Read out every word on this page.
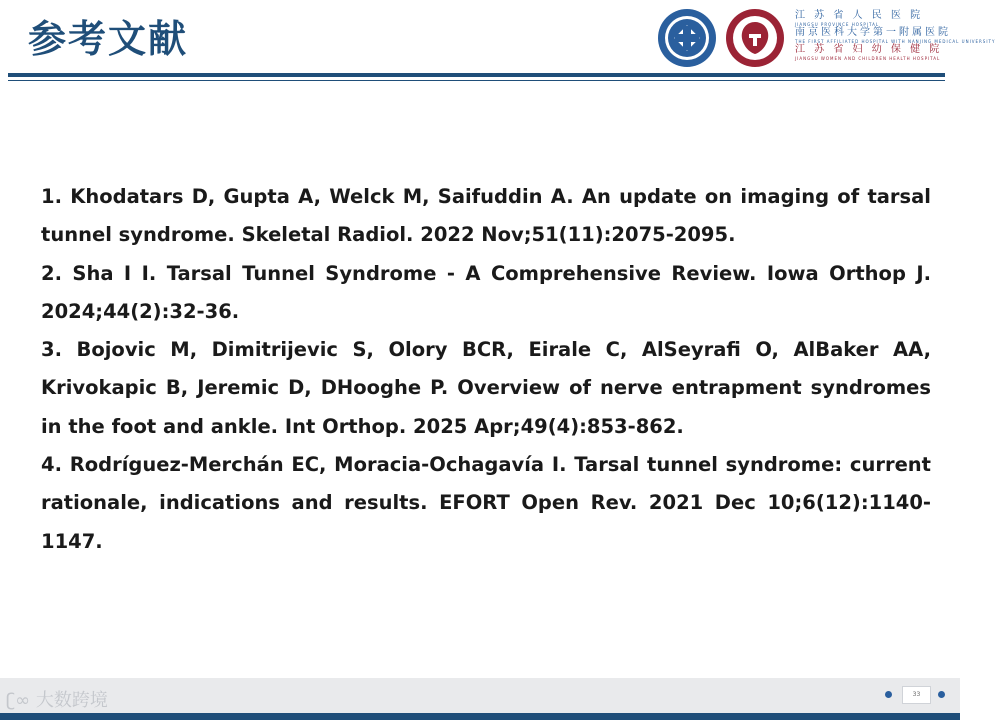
参考文献
江 苏 省 人 民 医 院
JIANGSU PROVINCE HOSPITAL
南京医科大学第一附属医院
THE FIRST AFFILIATED HOSPITAL WITH NANJING MEDICAL UNIVERSITY
江 苏 省 妇 幼 保 健 院
JIANGSU WOMEN AND CHILDREN HEALTH HOSPITAL
1. Khodatars D, Gupta A, Welck M, Saifuddin A. An update on imaging of tarsal tunnel syndrome. Skeletal Radiol. 2022 Nov;51(11):2075-2095.
2. Sha I I. Tarsal Tunnel Syndrome - A Comprehensive Review. Iowa Orthop J. 2024;44(2):32-36.
3. Bojovic M, Dimitrijevic S, Olory BCR, Eirale C, AlSeyrafi O, AlBaker AA, Krivokapic B, Jeremic D, DHooghe P. Overview of nerve entrapment syndromes in the foot and ankle. Int Orthop. 2025 Apr;49(4):853-862.
4. Rodríguez-Merchán EC, Moracia-Ochagavía I. Tarsal tunnel syndrome: current rationale, indications and results. EFORT Open Rev. 2021 Dec 10;6(12):1140-1147.
ʗ∞ 大数跨境	33
